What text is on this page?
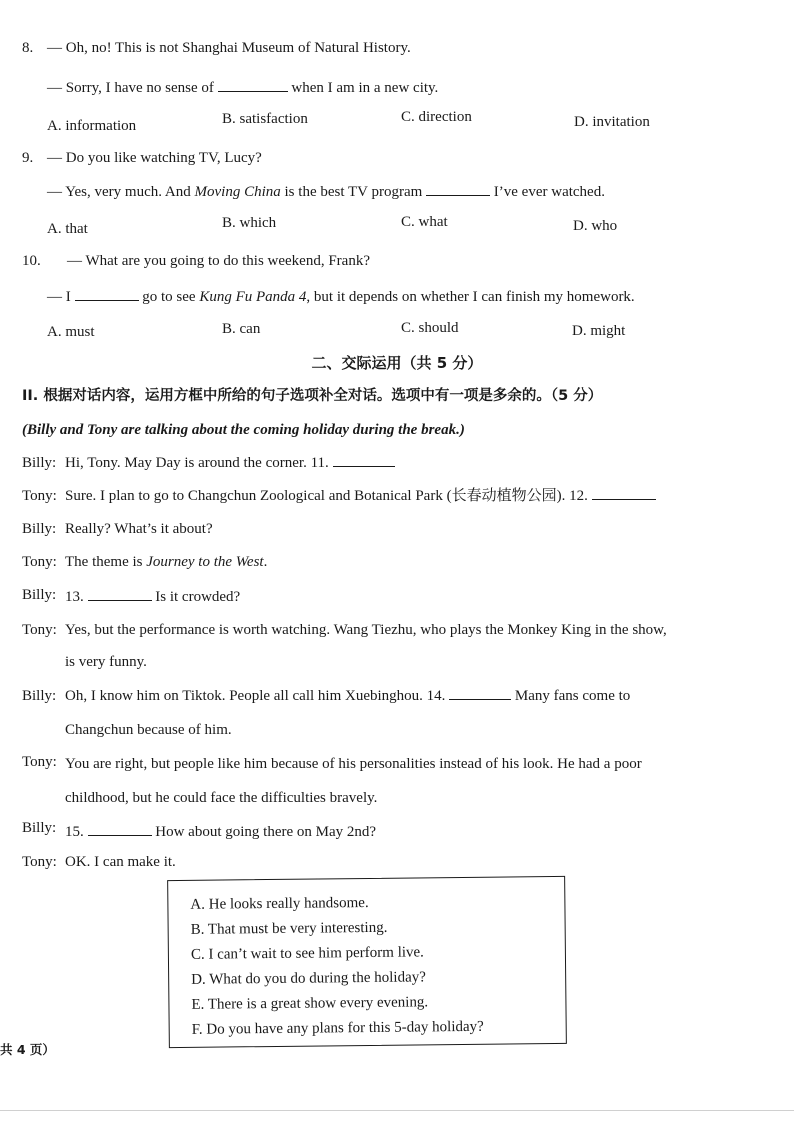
8. — Oh, no! This is not Shanghai Museum of Natural History.
— Sorry, I have no sense of	when I am in a new city.
A. information	B. satisfaction	C. direction	D. invitation
9. — Do you like watching TV, Lucy?
— Yes, very much. And Moving China is the best TV program	I’ve ever watched.
A. that	B. which	C. what	D. who
10. — What are you going to do this weekend, Frank?
— I	go to see Kung Fu Panda 4, but it depends on whether I can finish my homework.
A. must	B. can	C. should	D. might
二、交际运用（共 5 分）
II. 根据对话内容，运用方框中所给的句子选项补全对话。选项中有一项是多余的。（5 分）
(Billy and Tony are talking about the coming holiday during the break.)
Billy: Hi, Tony. May Day is around the corner. 11.
Tony: Sure. I plan to go to Changchun Zoological and Botanical Park (长春动植物公园). 12.
Billy: Really? What’s it about?
Tony: The theme is Journey to the West.
Billy: 13.	Is it crowded?
Tony: Yes, but the performance is worth watching. Wang Tiezhu, who plays the Monkey King in the show,
is very funny.
Billy: Oh, I know him on Tiktok. People all call him Xuebinghou. 14.	Many fans come to
Changchun because of him.
Tony: You are right, but people like him because of his personalities instead of his look. He had a poor
childhood, but he could face the difficulties bravely.
Billy: 15.	How about going there on May 2nd?
Tony: OK. I can make it.
A. He looks really handsome.
B. That must be very interesting.
C. I can’t wait to see him perform live.
D. What do you do during the holiday?
E. There is a great show every evening.
F. Do you have any plans for this 5-day holiday?
共 4 页）
